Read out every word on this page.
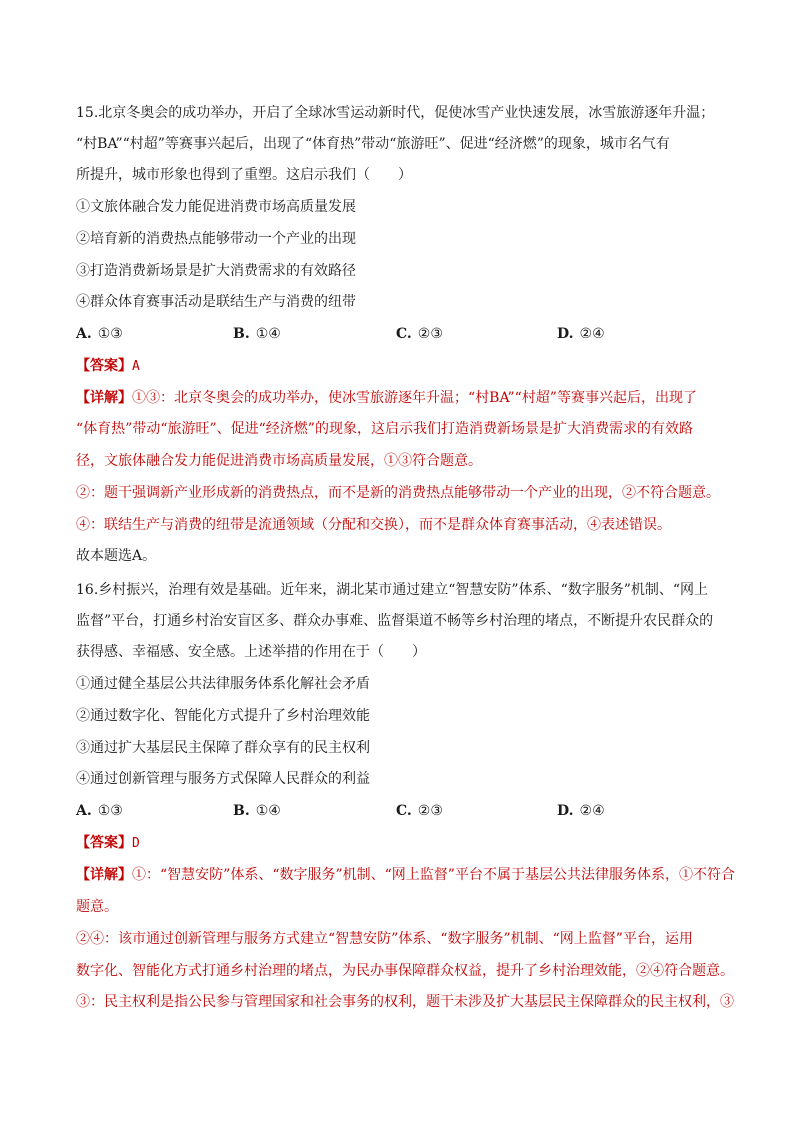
15.北京冬奥会的成功举办，开启了全球冰雪运动新时代，促使冰雪产业快速发展，冰雪旅游逐年升温；
“村BA”“村超”等赛事兴起后，出现了“体育热”带动“旅游旺”、促进“经济燃”的现象，城市名气有
所提升，城市形象也得到了重塑。这启示我们（　　）
①文旅体融合发力能促进消费市场高质量发展
②培育新的消费热点能够带动一个产业的出现
③打造消费新场景是扩大消费需求的有效路径
④群众体育赛事活动是联结生产与消费的纽带
A. ①③	B. ①④	C. ②③	D. ②④
【答案】A
【详解】①③：北京冬奥会的成功举办，使冰雪旅游逐年升温；“村BA”“村超”等赛事兴起后，出现了
“体育热”带动“旅游旺”、促进“经济燃”的现象，这启示我们打造消费新场景是扩大消费需求的有效路
径，文旅体融合发力能促进消费市场高质量发展，①③符合题意。
②：题干强调新产业形成新的消费热点，而不是新的消费热点能够带动一个产业的出现，②不符合题意。
④：联结生产与消费的纽带是流通领域（分配和交换），而不是群众体育赛事活动，④表述错误。
故本题选A。
16.乡村振兴，治理有效是基础。近年来，湖北某市通过建立“智慧安防”体系、“数字服务”机制、“网上
监督”平台，打通乡村治安盲区多、群众办事难、监督渠道不畅等乡村治理的堵点，不断提升农民群众的
获得感、幸福感、安全感。上述举措的作用在于（　　）
①通过健全基层公共法律服务体系化解社会矛盾
②通过数字化、智能化方式提升了乡村治理效能
③通过扩大基层民主保障了群众享有的民主权利
④通过创新管理与服务方式保障人民群众的利益
A. ①③	B. ①④	C. ②③	D. ②④
【答案】D
【详解】①：“智慧安防”体系、“数字服务”机制、“网上监督”平台不属于基层公共法律服务体系，①不符合
题意。
②④：该市通过创新管理与服务方式建立“智慧安防”体系、“数字服务”机制、“网上监督”平台，运用
数字化、智能化方式打通乡村治理的堵点，为民办事保障群众权益，提升了乡村治理效能，②④符合题意。
③：民主权利是指公民参与管理国家和社会事务的权利，题干未涉及扩大基层民主保障群众的民主权利，③
